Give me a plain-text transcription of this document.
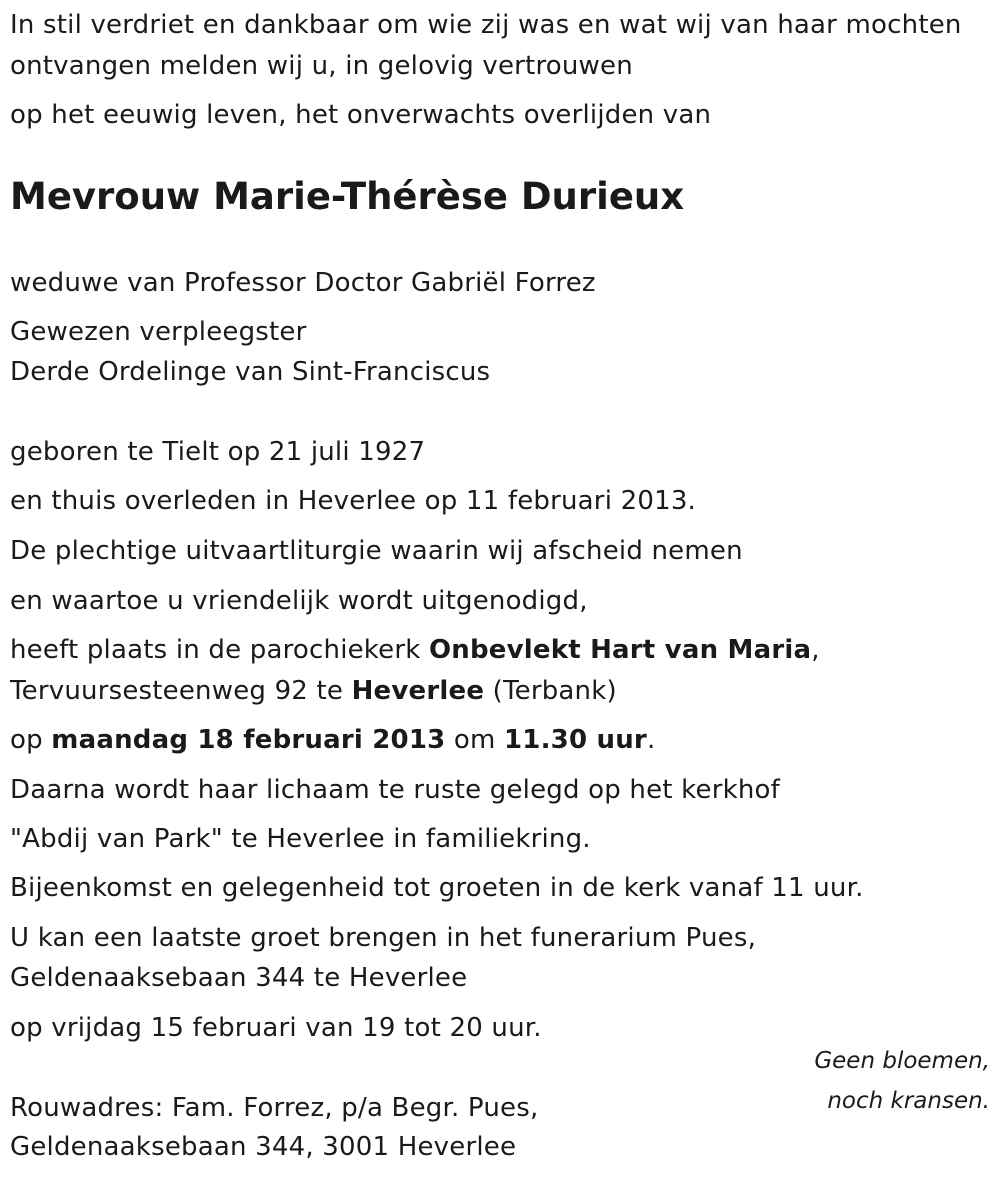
In stil verdriet en dankbaar om wie zij was en wat wij van haar mochten
ontvangen melden wij u, in gelovig vertrouwen
op het eeuwig leven, het onverwachts overlijden van
Mevrouw Marie-Thérèse Durieux
weduwe van Professor Doctor Gabriël Forrez
Gewezen verpleegster
Derde Ordelinge van Sint-Franciscus
geboren te Tielt op 21 juli 1927
en thuis overleden in Heverlee op 11 februari 2013.
De plechtige uitvaartliturgie waarin wij afscheid nemen
en waartoe u vriendelijk wordt uitgenodigd,
heeft plaats in de parochiekerk Onbevlekt Hart van Maria,
Tervuursesteenweg 92 te Heverlee (Terbank)
op maandag 18 februari 2013 om 11.30 uur.
Daarna wordt haar lichaam te ruste gelegd op het kerkhof
"Abdij van Park" te Heverlee in familiekring.
Bijeenkomst en gelegenheid tot groeten in de kerk vanaf 11 uur.
U kan een laatste groet brengen in het funerarium Pues,
Geldenaaksebaan 344 te Heverlee
op vrijdag 15 februari van 19 tot 20 uur.
Geen bloemen,
noch kransen.
Rouwadres: Fam. Forrez, p/a Begr. Pues,
Geldenaaksebaan 344, 3001 Heverlee
